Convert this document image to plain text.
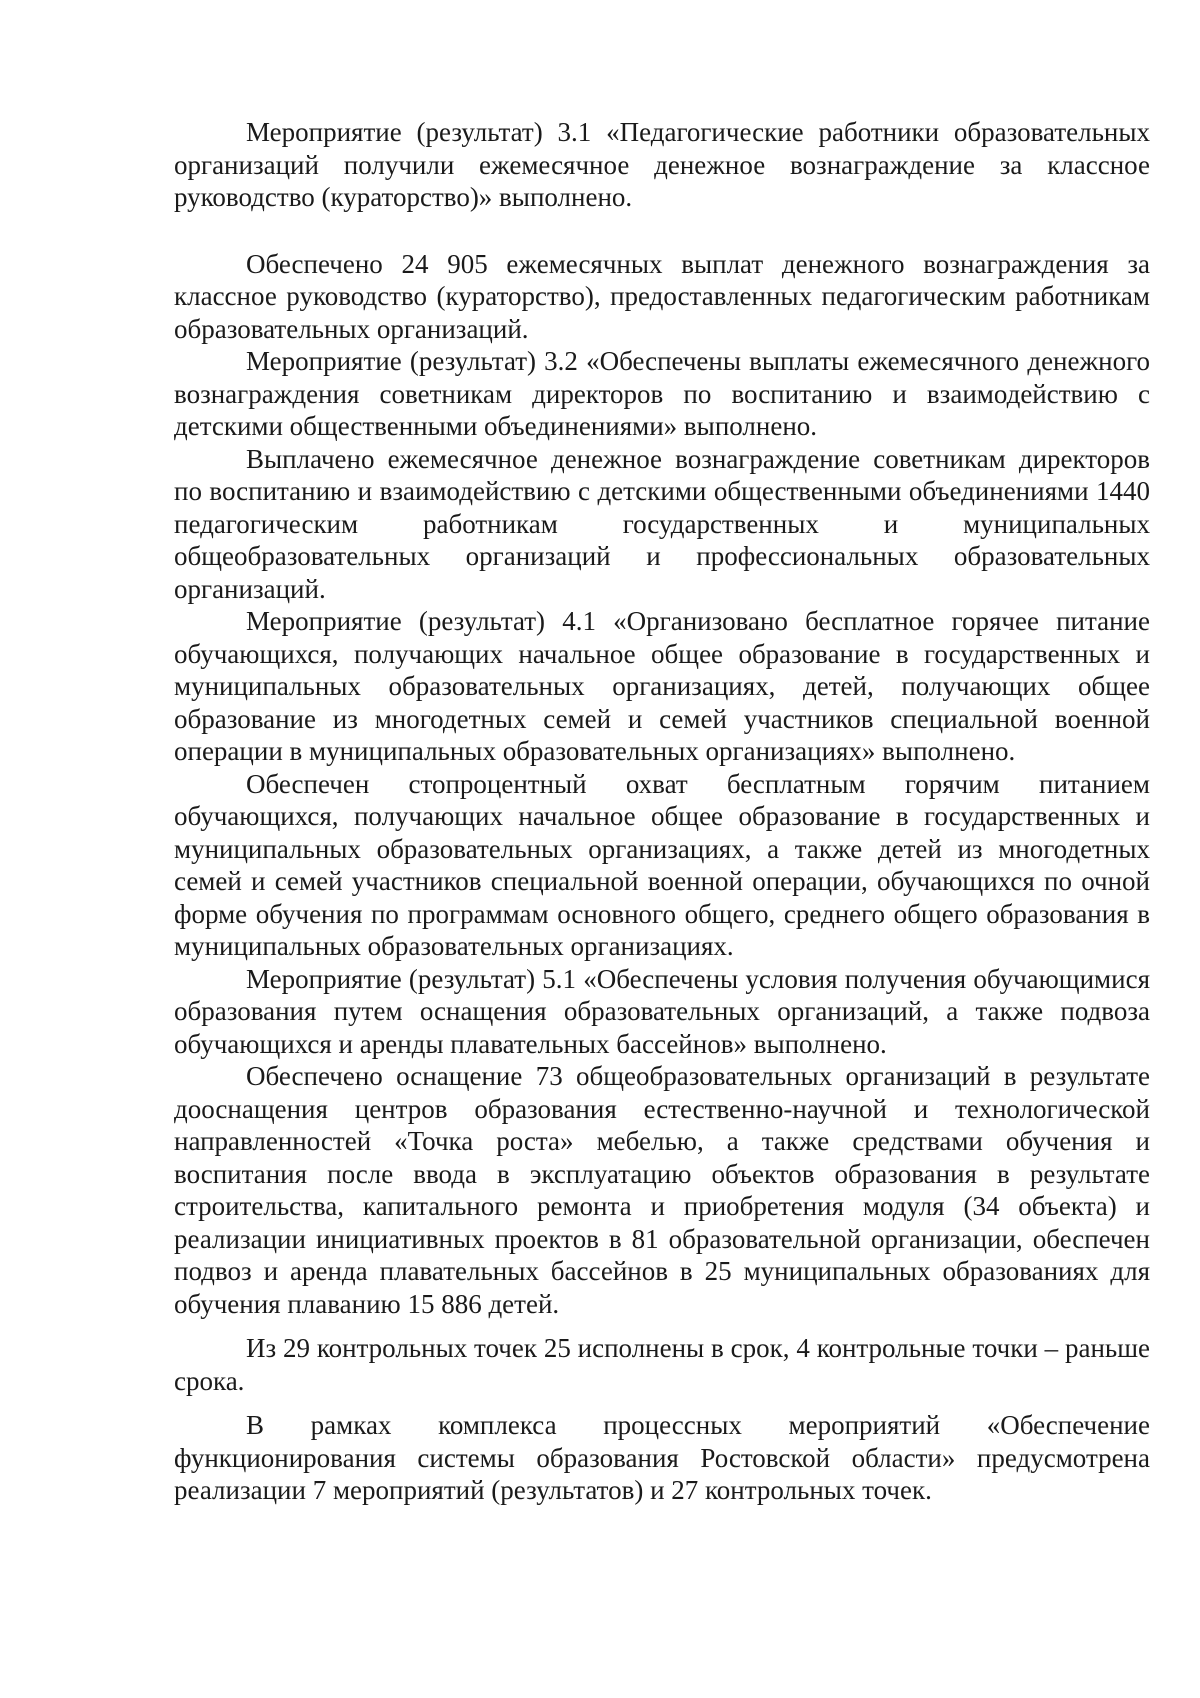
Мероприятие (результат) 3.1 «Педагогические работники образовательных организаций получили ежемесячное денежное вознаграждение за классное руководство (кураторство)» выполнено.

Обеспечено 24 905 ежемесячных выплат денежного вознаграждения за классное руководство (кураторство), предоставленных педагогическим работникам образовательных организаций.

Мероприятие (результат) 3.2 «Обеспечены выплаты ежемесячного денежного вознаграждения советникам директоров по воспитанию и взаимодействию с детскими общественными объединениями» выполнено.

Выплачено ежемесячное денежное вознаграждение советникам директоров по воспитанию и взаимодействию с детскими общественными объединениями 1440 педагогическим работникам государственных и муниципальных общеобразовательных организаций и профессиональных образовательных организаций.

Мероприятие (результат) 4.1 «Организовано бесплатное горячее питание обучающихся, получающих начальное общее образование в государственных и муниципальных образовательных организациях, детей, получающих общее образование из многодетных семей и семей участников специальной военной операции в муниципальных образовательных организациях» выполнено.

Обеспечен стопроцентный охват бесплатным горячим питанием обучающихся, получающих начальное общее образование в государственных и муниципальных образовательных организациях, а также детей из многодетных семей и семей участников специальной военной операции, обучающихся по очной форме обучения по программам основного общего, среднего общего образования в муниципальных образовательных организациях.

Мероприятие (результат) 5.1 «Обеспечены условия получения обучающимися образования путем оснащения образовательных организаций, а также подвоза обучающихся и аренды плавательных бассейнов» выполнено.

Обеспечено оснащение 73 общеобразовательных организаций в результате дооснащения центров образования естественно-научной и технологической направленностей «Точка роста» мебелью, а также средствами обучения и воспитания после ввода в эксплуатацию объектов образования в результате строительства, капитального ремонта и приобретения модуля (34 объекта) и реализации инициативных проектов в 81 образовательной организации, обеспечен подвоз и аренда плавательных бассейнов в 25 муниципальных образованиях для обучения плаванию 15 886 детей.

Из 29 контрольных точек 25 исполнены в срок, 4 контрольные точки – раньше срока.

В рамках комплекса процессных мероприятий «Обеспечение функционирования системы образования Ростовской области» предусмотрена реализации 7 мероприятий (результатов) и 27 контрольных точек.
